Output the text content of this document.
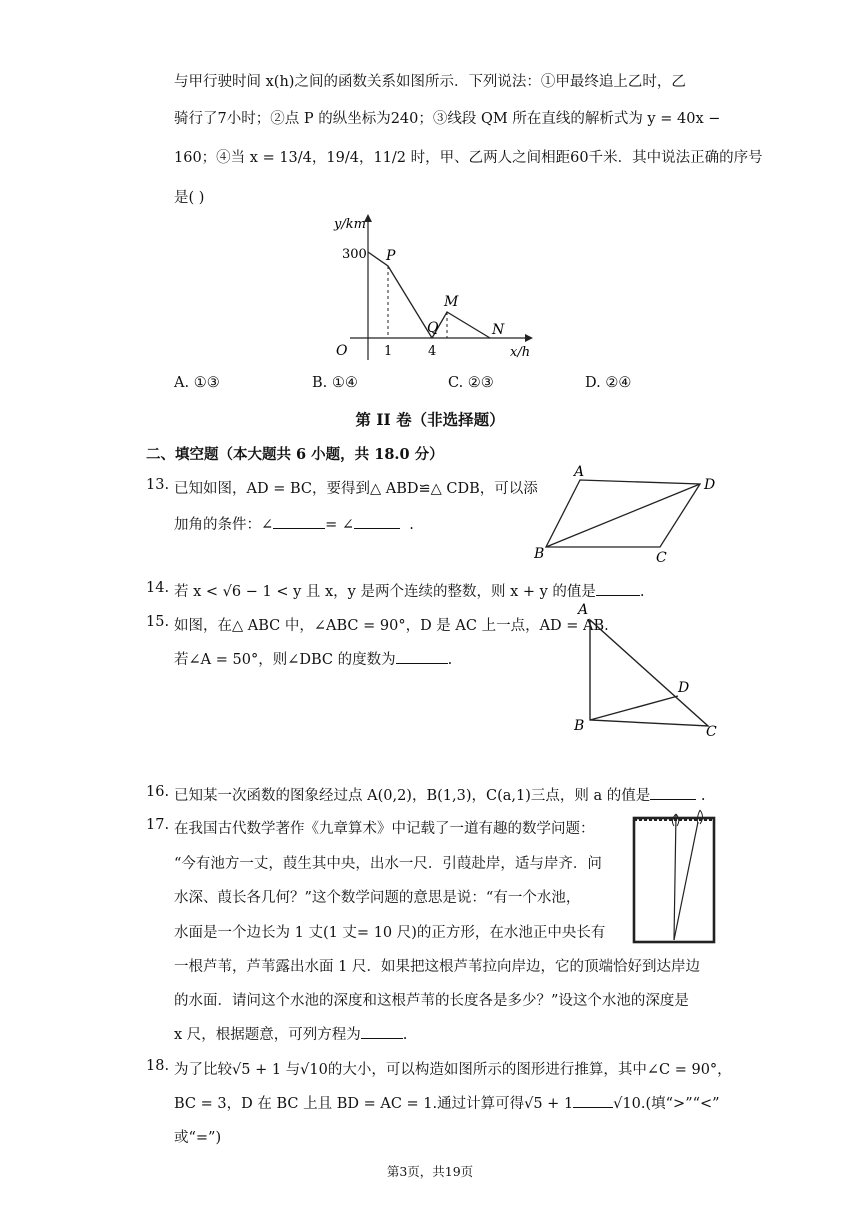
与甲行驶时间 x(h)之间的函数关系如图所示．下列说法：①甲最终追上乙时，乙
骑行了7小时；②点 P 的纵坐标为240；③线段 QM 所在直线的解析式为 y = 40x −
160；④当 x = 13/4，19/4，11/2 时，甲、乙两人之间相距60千米．其中说法正确的序号
是( )
y/km
x/h
O
300
1	4
P
Q
M
N
A. ①③	B. ①④	C. ②③	D. ②④
第 II 卷（非选择题）
二、填空题（本大题共 6 小题，共 18.0 分）
13. 已知如图，AD = BC，要得到△ ABD≌△ CDB，可以添
加角的条件：∠	= ∠	.
A
D
B	C
14. 若 x < √6 − 1 < y 且 x，y 是两个连续的整数，则 x + y 的值是	.
15. 如图，在△ ABC 中，∠ABC = 90°，D 是 AC 上一点，AD = AB.
若∠A = 50°，则∠DBC 的度数为	.
A
D
B	C
16. 已知某一次函数的图象经过点 A(0,2)，B(1,3)，C(a,1)三点，则 a 的值是	.
17. 在我国古代数学著作《九章算术》中记载了一道有趣的数学问题：
“今有池方一丈，葭生其中央，出水一尺．引葭赴岸，适与岸齐．问
水深、葭长各几何？”这个数学问题的意思是说：“有一个水池，
水面是一个边长为 1 丈(1 丈= 10 尺)的正方形，在水池正中央长有
一根芦苇，芦苇露出水面 1 尺．如果把这根芦苇拉向岸边，它的顶端恰好到达岸边
的水面．请问这个水池的深度和这根芦苇的长度各是多少？”设这个水池的深度是
x 尺，根据题意，可列方程为	.
18. 为了比较√5 + 1 与√10的大小，可以构造如图所示的图形进行推算，其中∠C = 90°，
BC = 3，D 在 BC 上且 BD = AC = 1.通过计算可得√5 + 1	√10.(填“>”“<”
或“=”)
第3页，共19页
